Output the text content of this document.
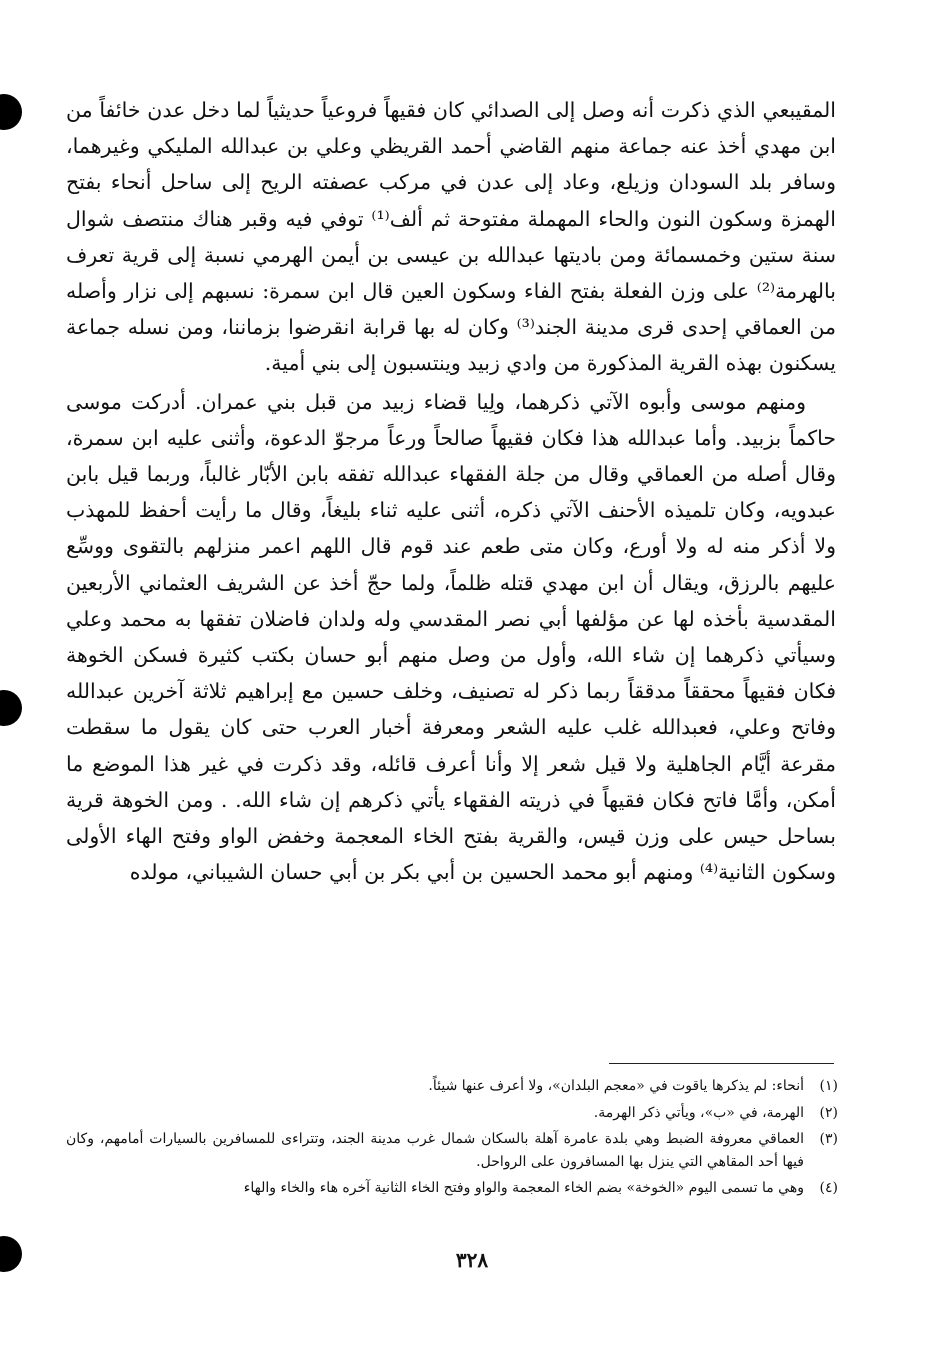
المقيبعي الذي ذكرت أنه وصل إلى الصدائي كان فقيهاً فروعياً حديثياً لما دخل عدن خائفاً من ابن مهدي أخذ عنه جماعة منهم القاضي أحمد القريظي وعلي بن عبدالله المليكي وغيرهما، وسافر بلد السودان وزيلع، وعاد إلى عدن في مركب عصفته الريح إلى ساحل أنحاء بفتح الهمزة وسكون النون والحاء المهملة مفتوحة ثم ألف⁽¹⁾ توفي فيه وقبر هناك منتصف شوال سنة ستين وخمسمائة ومن باديتها عبدالله بن عيسى بن أيمن الهرمي نسبة إلى قرية تعرف بالهرمة⁽²⁾ على وزن الفعلة بفتح الفاء وسكون العين قال ابن سمرة: نسبهم إلى نزار وأصله من العماقي إحدى قرى مدينة الجند⁽³⁾ وكان له بها قرابة انقرضوا بزماننا، ومن نسله جماعة يسكنون بهذه القرية المذكورة من وادي زبيد وينتسبون إلى بني أمية.

ومنهم موسى وأبوه الآتي ذكرهما، ولِيا قضاء زبيد من قبل بني عمران. أدركت موسى حاكماً بزبيد. وأما عبدالله هذا فكان فقيهاً صالحاً ورعاً مرجوّ الدعوة، وأثنى عليه ابن سمرة، وقال أصله من العماقي وقال من جلة الفقهاء عبدالله تفقه بابن الأبّار غالباً، وربما قيل بابن عبدويه، وكان تلميذه الأحنف الآتي ذكره، أثنى عليه ثناء بليغاً، وقال ما رأيت أحفظ للمهذب ولا أذكر منه له ولا أورع، وكان متى طعم عند قوم قال اللهم اعمر منزلهم بالتقوى ووسِّع عليهم بالرزق، ويقال أن ابن مهدي قتله ظلماً، ولما حجّ أخذ عن الشريف العثماني الأربعين المقدسية بأخذه لها عن مؤلفها أبي نصر المقدسي وله ولدان فاضلان تفقها به محمد وعلي وسيأتي ذكرهما إن شاء الله، وأول من وصل منهم أبو حسان بكتب كثيرة فسكن الخوهة فكان فقيهاً محققاً مدققاً ربما ذكر له تصنيف، وخلف حسين مع إبراهيم ثلاثة آخرين عبدالله وفاتح وعلي، فعبدالله غلب عليه الشعر ومعرفة أخبار العرب حتى كان يقول ما سقطت مقرعة أيَّام الجاهلية ولا قيل شعر إلا وأنا أعرف قائله، وقد ذكرت في غير هذا الموضع ما أمكن، وأمَّا فاتح فكان فقيهاً في ذريته الفقهاء يأتي ذكرهم إن شاء الله. . ومن الخوهة قرية بساحل حيس على وزن قيس، والقرية بفتح الخاء المعجمة وخفض الواو وفتح الهاء الأولى وسكون الثانية⁽⁴⁾ ومنهم أبو محمد الحسين بن أبي بكر بن أبي حسان الشيباني، مولده

(١)
أنحاء: لم يذكرها ياقوت في «معجم البلدان»، ولا أعرف عنها شيئاً.
(٢)
الهرمة، في «ب»، ويأتي ذكر الهرمة.
(٣)
العماقي معروفة الضبط وهي بلدة عامرة آهلة بالسكان شمال غرب مدينة الجند، وتتراءى للمسافرين بالسيارات أمامهم، وكان فيها أحد المقاهي التي ينزل بها المسافرون على الرواحل.
(٤)
وهي ما تسمى اليوم «الخوخة» بضم الخاء المعجمة والواو وفتح الخاء الثانية آخره هاء والخاء والهاء
٣٢٨
